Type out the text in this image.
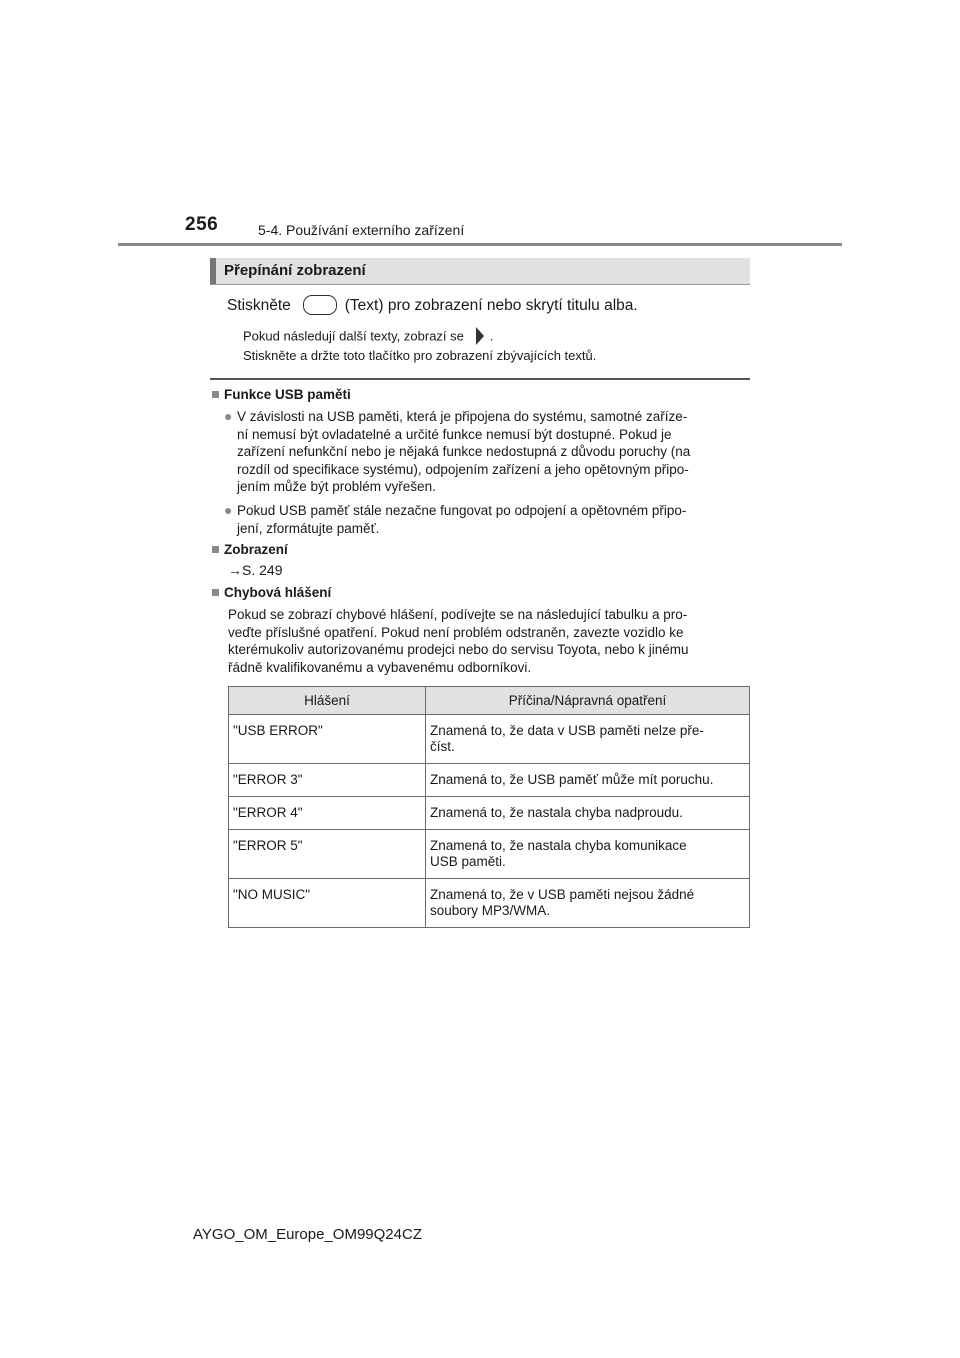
256	5-4. Používání externího zařízení
Přepínání zobrazení
Stiskněte	(Text) pro zobrazení nebo skrytí titulu alba.
Pokud následují další texty, zobrazí se .
Stiskněte a držte toto tlačítko pro zobrazení zbývajících textů.
Funkce USB paměti
● V závislosti na USB paměti, která je připojena do systému, samotné zaříze-
ní nemusí být ovladatelné a určité funkce nemusí být dostupné. Pokud je
zařízení nefunkční nebo je nějaká funkce nedostupná z důvodu poruchy (na
rozdíl od specifikace systému), odpojením zařízení a jeho opětovným připo-
jením může být problém vyřešen.
● Pokud USB paměť stále nezačne fungovat po odpojení a opětovném připo-
jení, zformátujte paměť.
Zobrazení
→S. 249
Chybová hlášení
Pokud se zobrazí chybové hlášení, podívejte se na následující tabulku a pro-
veďte příslušné opatření. Pokud není problém odstraněn, zavezte vozidlo ke
kterémukoliv autorizovanému prodejci nebo do servisu Toyota, nebo k jinému
řádně kvalifikovanému a vybavenému odborníkovi.
Hlášení	Příčina/Nápravná opatření
"USB ERROR"	Znamená to, že data v USB paměti nelze pře-
číst.

"ERROR 3"	Znamená to, že USB paměť může mít poruchu.

"ERROR 4"	Znamená to, že nastala chyba nadproudu.

"ERROR 5"	Znamená to, že nastala chyba komunikace
USB paměti.

"NO MUSIC"	Znamená to, že v USB paměti nejsou žádné
soubory MP3/WMA.
AYGO_OM_Europe_OM99Q24CZ
